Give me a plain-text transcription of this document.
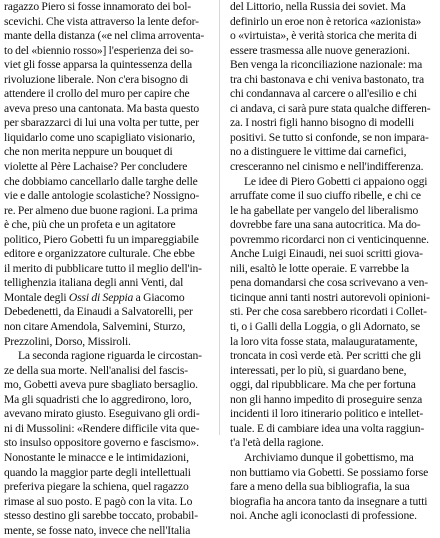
ragazzo Piero si fosse innamorato dei bol-
scevichi. Che vista attraverso la lente defor-
mante della distanza («e nel clima arroventa-
to del «biennio rosso»] l'esperienza dei so-
viet gli fosse apparsa la quintessenza della
rivoluzione liberale. Non c'era bisogno di
attendere il crollo del muro per capire che
aveva preso una cantonata. Ma basta questo
per sbarazzarci di lui una volta per tutte, per
liquidarlo come uno scapigliato visionario,
che non merita neppure un bouquet di
violette al Père Lachaise? Per concludere
che dobbiamo cancellarlo dalle targhe delle
vie e dalle antologie scolastiche? Nossigno-
re. Per almeno due buone ragioni. La prima
è che, più che un profeta e un agitatore
politico, Piero Gobetti fu un impareggiabile
editore e organizzatore culturale. Che ebbe
il merito di pubblicare tutto il meglio dell'in-
tellighenzia italiana degli anni Venti, dal
Montale degli Ossi di Seppia a Giacomo
Debedenetti, da Einaudi a Salvatorelli, per
non citare Amendola, Salvemini, Sturzo,
Prezzolini, Dorso, Missiroli.

La seconda ragione riguarda le circostan-
ze della sua morte. Nell'analisi del fascis-
mo, Gobetti aveva pure sbagliato bersaglio.
Ma gli squadristi che lo aggredirono, loro,
avevano mirato giusto. Eseguivano gli ordi-
ni di Mussolini: «Rendere difficile vita que-
sto insulso oppositore governo e fascismo».
Nonostante le minacce e le intimidazioni,
quando la maggior parte degli intellettuali
preferiva piegare la schiena, quel ragazzo
rimase al suo posto. E pagò con la vita. Lo
stesso destino gli sarebbe toccato, probabil-
mente, se fosse nato, invece che nell'Italia

del Littorio, nella Russia dei soviet. Ma
definirlo un eroe non è retorica «azionista»
o «virtuista», è verità storica che merita di
essere trasmessa alle nuove generazioni.
Ben venga la riconciliazione nazionale: ma
tra chi bastonava e chi veniva bastonato, tra
chi condannava al carcere o all'esilio e chi
ci andava, ci sarà pure stata qualche differen-
za. I nostri figli hanno bisogno di modelli
positivi. Se tutto si confonde, se non impara-
no a distinguere le vittime dai carnefici,
cresceranno nel cinismo e nell'indifferenza.

Le idee di Piero Gobetti ci appaiono oggi
arruffate come il suo ciuffo ribelle, e chi ce
le ha gabellate per vangelo del liberalismo
dovrebbe fare una sana autocritica. Ma do-
povremmo ricordarci non ci venticinquenne.
Anche Luigi Einaudi, nei suoi scritti giova-
nili, esaltò le lotte operaie. E varrebbe la
pena domandarsi che cosa scrivevano a ven-
ticinque anni tanti nostri autorevoli opinioni-
sti. Per che cosa sarebbero ricordati i Collet-
ti, o i Galli della Loggia, o gli Adornato, se
la loro vita fosse stata, malauguratamente,
troncata in così verde età. Per scritti che gli
interessati, per lo più, si guardano bene,
oggi, dal ripubblicare. Ma che per fortuna
non gli hanno impedito di proseguire senza
incidenti il loro itinerario politico e intellet-
tuale. E di cambiare idea una volta raggiun-
t'a l'età della ragione.

Archiviamo dunque il gobettismo, ma
non buttiamo via Gobetti. Se possiamo forse
fare a meno della sua bibliografia, la sua
biografia ha ancora tanto da insegnare a tutti
noi. Anche agli iconoclasti di professione.
